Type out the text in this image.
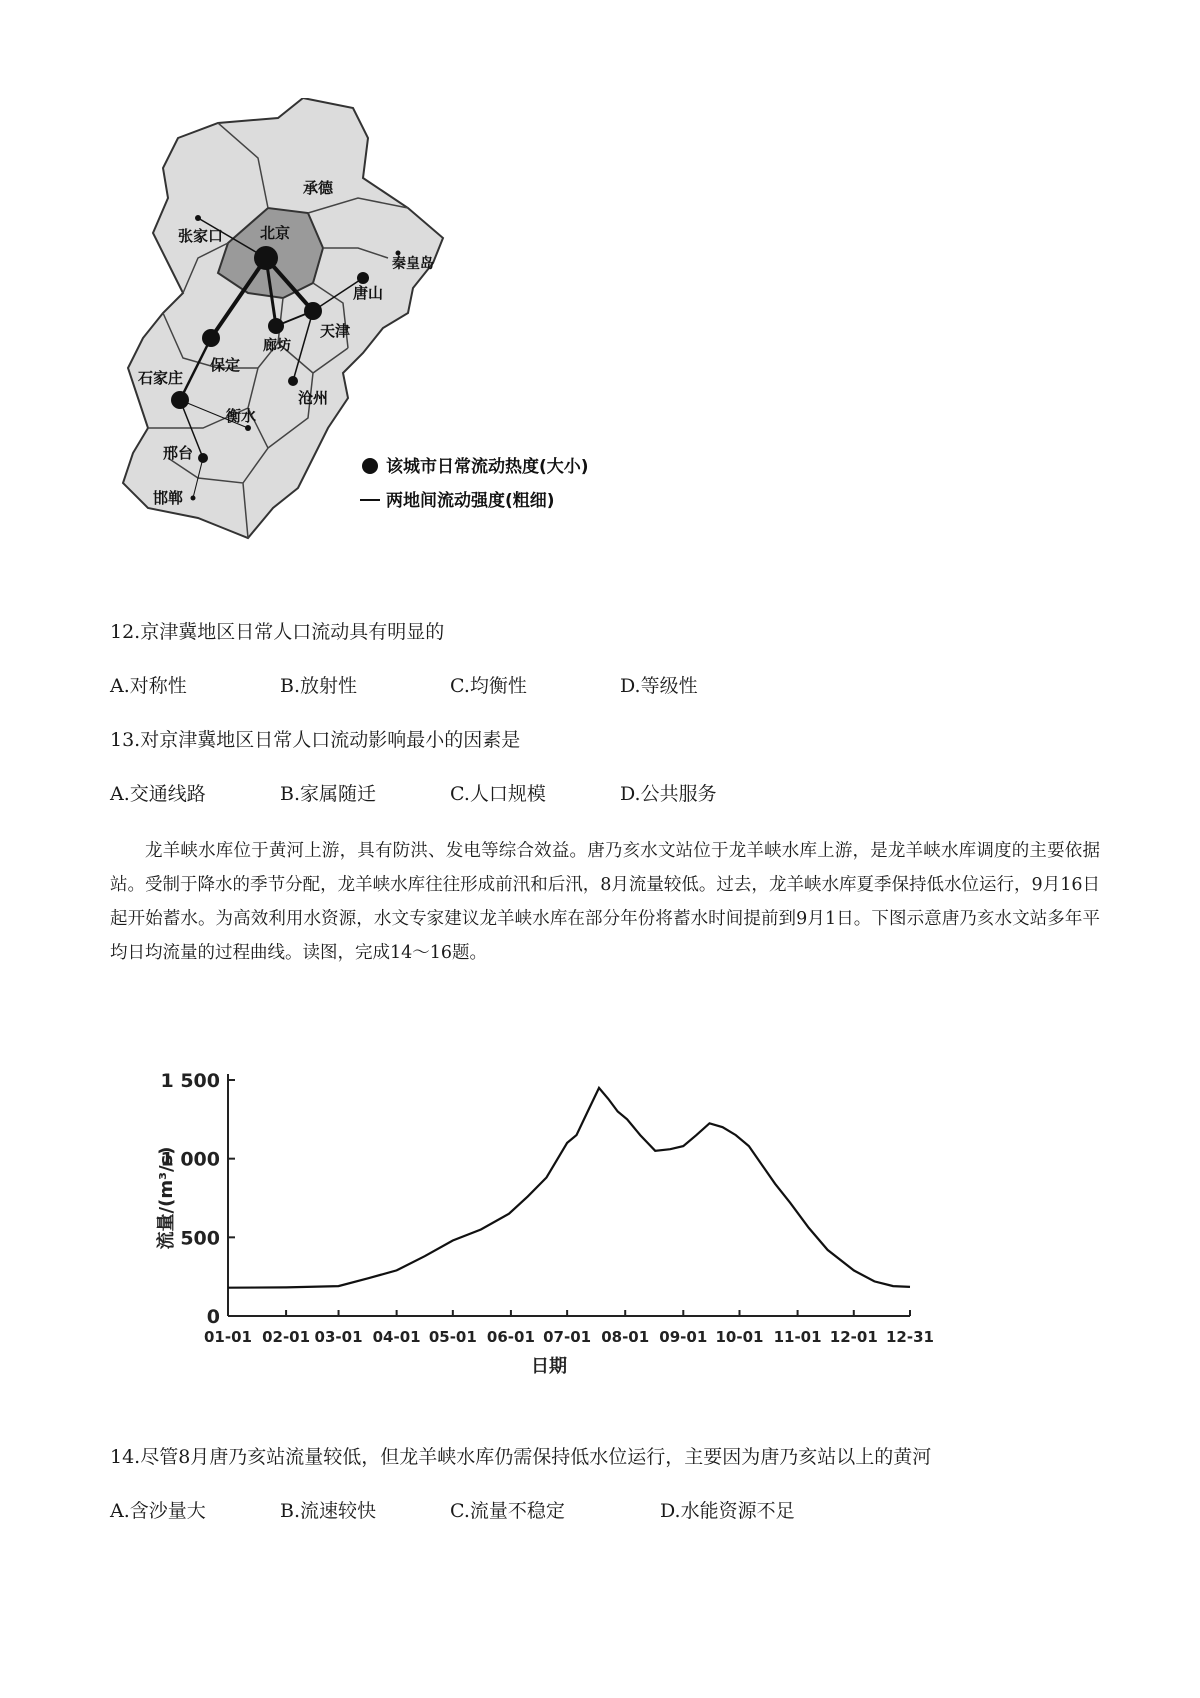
承德
张家口 北京
秦皇岛
唐山
天津
廊坊
保定
沧州
石家庄
衡水
邢台
邯郸
该城市日常流动热度(大小)
两地间流动强度(粗细)
12.京津冀地区日常人口流动具有明显的
A.对称性	B.放射性	C.均衡性	D.等级性
13.对京津冀地区日常人口流动影响最小的因素是
A.交通线路	B.家属随迁	C.人口规模	D.公共服务

龙羊峡水库位于黄河上游，具有防洪、发电等综合效益。唐乃亥水文站位于龙羊峡水库上游，是龙羊峡水库调度的主要依据站。受制于降水的季节分配，龙羊峡水库往往形成前汛和后汛，8月流量较低。过去，龙羊峡水库夏季保持低水位运行，9月16日起开始蓄水。为高效利用水资源，水文专家建议龙羊峡水库在部分年份将蓄水时间提前到9月1日。下图示意唐乃亥水文站多年平均日均流量的过程曲线。读图，完成14～16题。

0
500
1 000
1 500
01-01 02-01 03-01 04-01 05-01 06-01 07-01 08-01 09-01 10-01 11-01 12-01 12-31
流量/(m³/s)
日期
14.尽管8月唐乃亥站流量较低，但龙羊峡水库仍需保持低水位运行，主要因为唐乃亥站以上的黄河
A.含沙量大	B.流速较快	C.流量不稳定	D.水能资源不足
